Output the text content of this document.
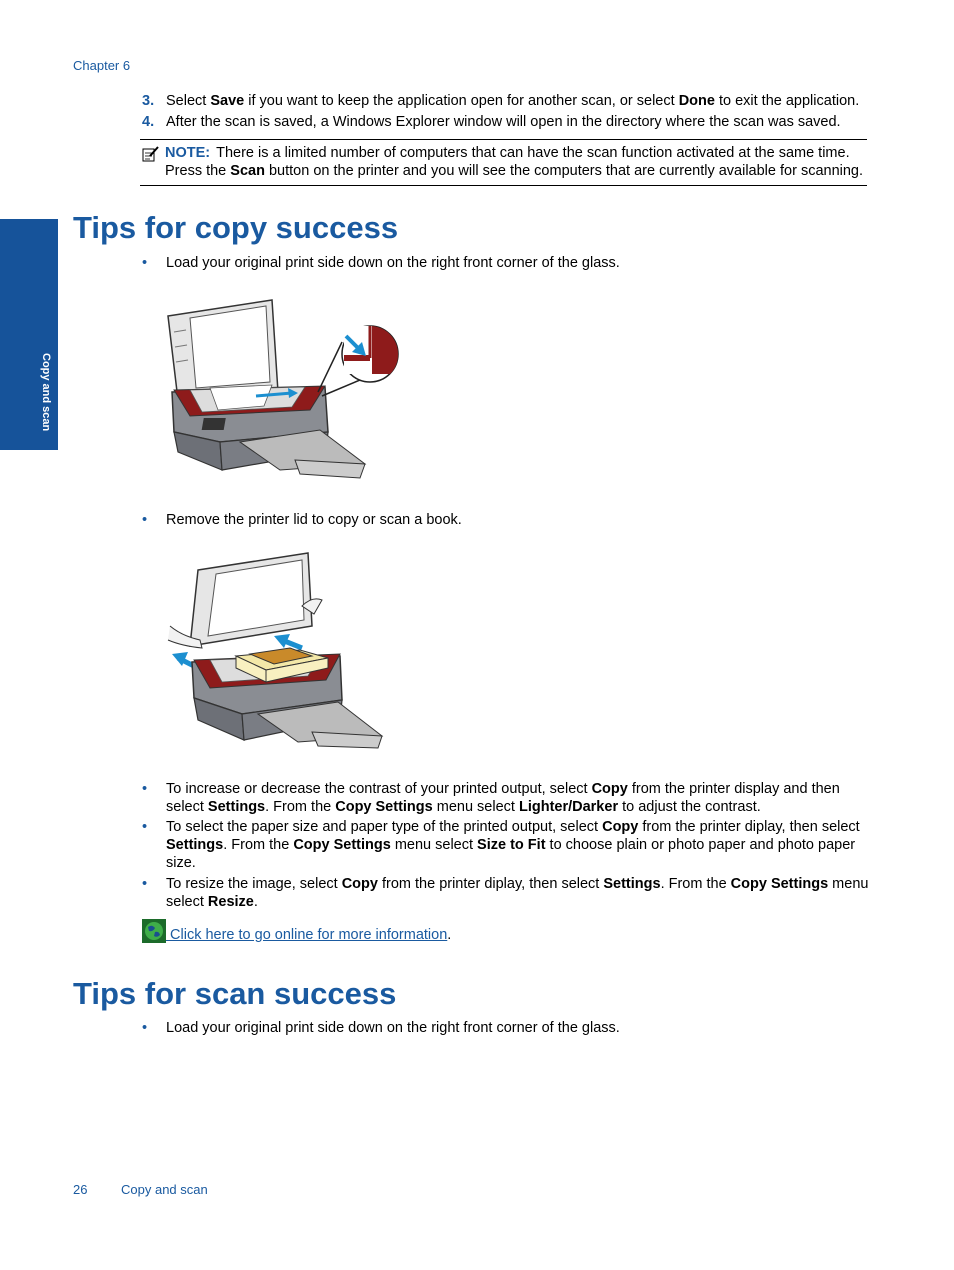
Chapter 6
Copy and scan
3. Select Save if you want to keep the application open for another scan, or select Done to exit the application.
4. After the scan is saved, a Windows Explorer window will open in the directory where the scan was saved.
NOTE: There is a limited number of computers that can have the scan function activated at the same time. Press the Scan button on the printer and you will see the computers that are currently available for scanning.
Tips for copy success
• Load your original print side down on the right front corner of the glass.
• Remove the printer lid to copy or scan a book.
• To increase or decrease the contrast of your printed output, select Copy from the printer display and then select Settings. From the Copy Settings menu select Lighter/Darker to adjust the contrast.
• To select the paper size and paper type of the printed output, select Copy from the printer diplay, then select Settings. From the Copy Settings menu select Size to Fit to choose plain or photo paper and photo paper size.
• To resize the image, select Copy from the printer diplay, then select Settings. From the Copy Settings menu select Resize.
Click here to go online for more information.
Tips for scan success
• Load your original print side down on the right front corner of the glass.
26	Copy and scan
